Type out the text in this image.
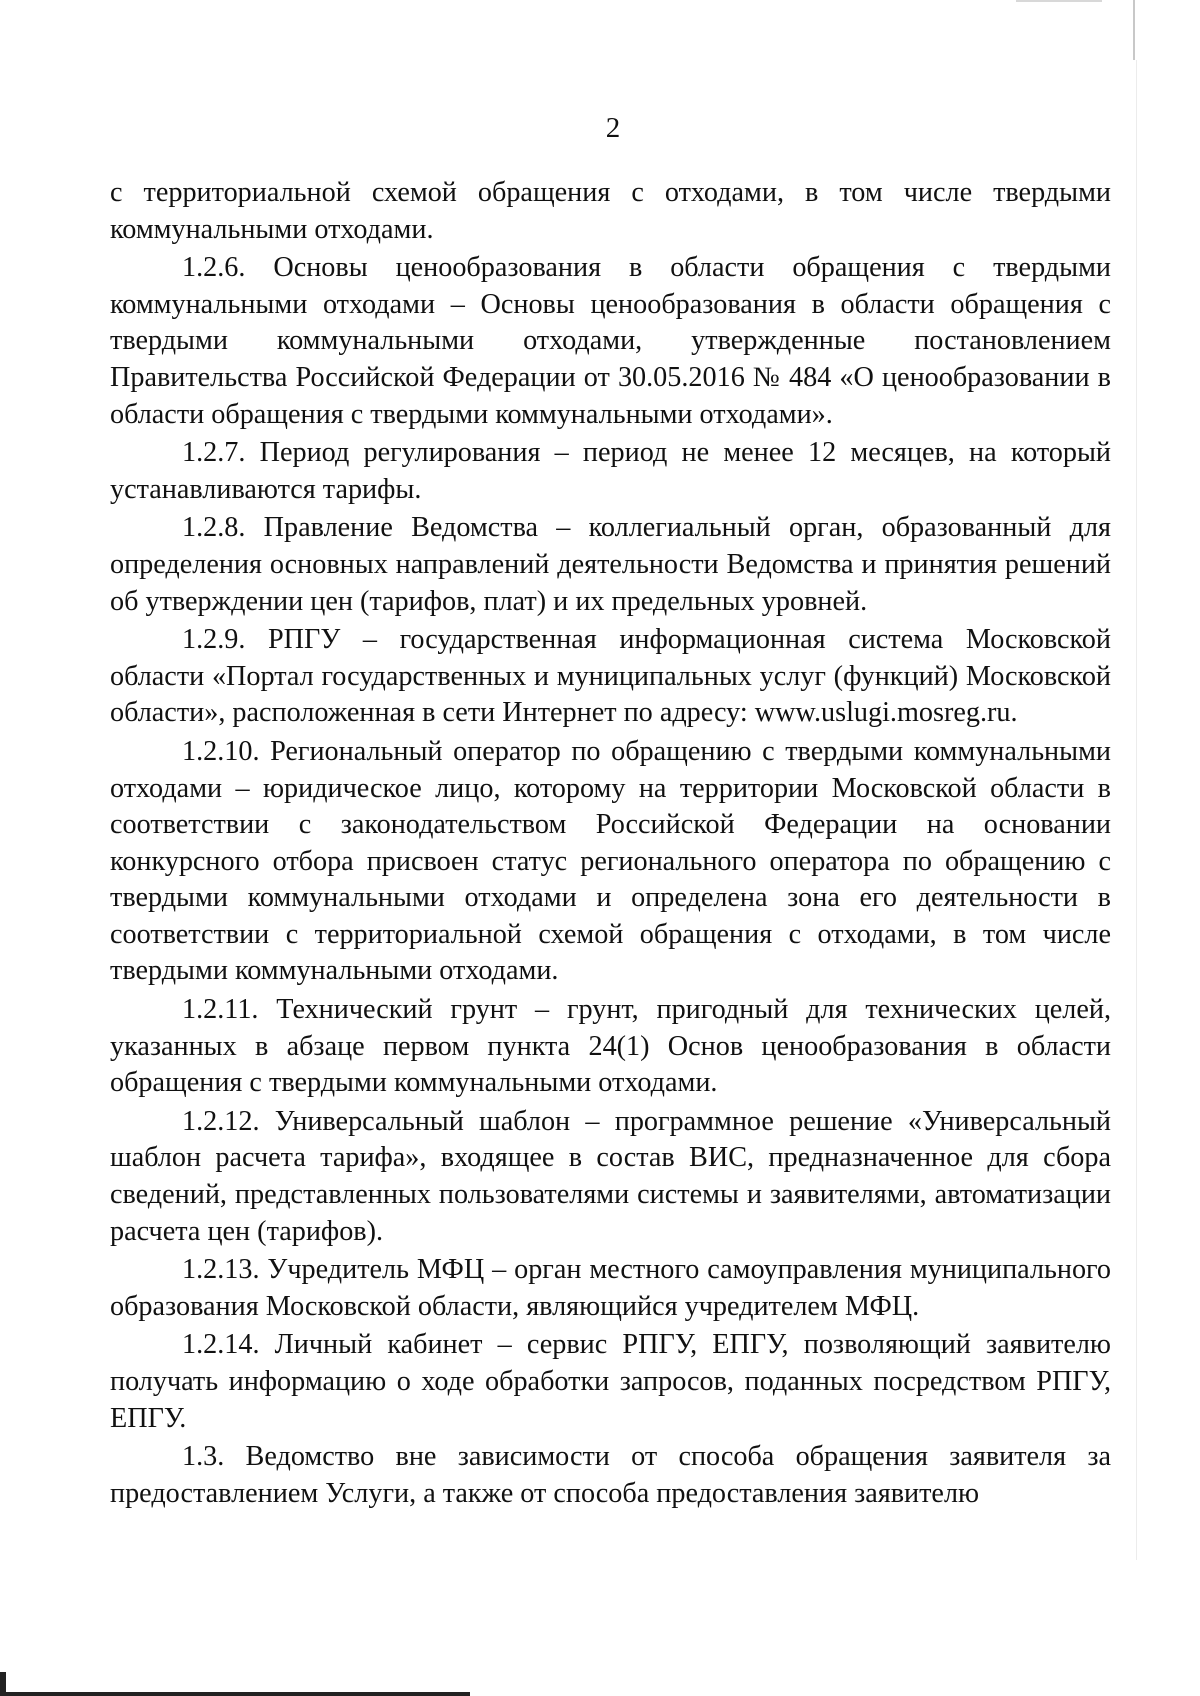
2

с территориальной схемой обращения с отходами, в том числе твердыми коммунальными отходами.

1.2.6. Основы ценообразования в области обращения с твердыми коммунальными отходами – Основы ценообразования в области обращения с твердыми коммунальными отходами, утвержденные постановлением Правительства Российской Федерации от 30.05.2016 № 484 «О ценообразовании в области обращения с твердыми коммунальными отходами».

1.2.7. Период регулирования – период не менее 12 месяцев, на который устанавливаются тарифы.

1.2.8. Правление Ведомства – коллегиальный орган, образованный для определения основных направлений деятельности Ведомства и принятия решений об утверждении цен (тарифов, плат) и их предельных уровней.

1.2.9. РПГУ – государственная информационная система Московской области «Портал государственных и муниципальных услуг (функций) Московской области», расположенная в сети Интернет по адресу: www.uslugi.mosreg.ru.

1.2.10. Региональный оператор по обращению с твердыми коммунальными отходами – юридическое лицо, которому на территории Московской области в соответствии с законодательством Российской Федерации на основании конкурсного отбора присвоен статус регионального оператора по обращению с твердыми коммунальными отходами и определена зона его деятельности в соответствии с территориальной схемой обращения с отходами, в том числе твердыми коммунальными отходами.

1.2.11. Технический грунт – грунт, пригодный для технических целей, указанных в абзаце первом пункта 24(1) Основ ценообразования в области обращения с твердыми коммунальными отходами.

1.2.12. Универсальный шаблон – программное решение «Универсальный шаблон расчета тарифа», входящее в состав ВИС, предназначенное для сбора сведений, представленных пользователями системы и заявителями, автоматизации расчета цен (тарифов).

1.2.13. Учредитель МФЦ – орган местного самоуправления муниципального образования Московской области, являющийся учредителем МФЦ.

1.2.14. Личный кабинет – сервис РПГУ, ЕПГУ, позволяющий заявителю получать информацию о ходе обработки запросов, поданных посредством РПГУ, ЕПГУ.

1.3. Ведомство вне зависимости от способа обращения заявителя за предоставлением Услуги, а также от способа предоставления заявителю
